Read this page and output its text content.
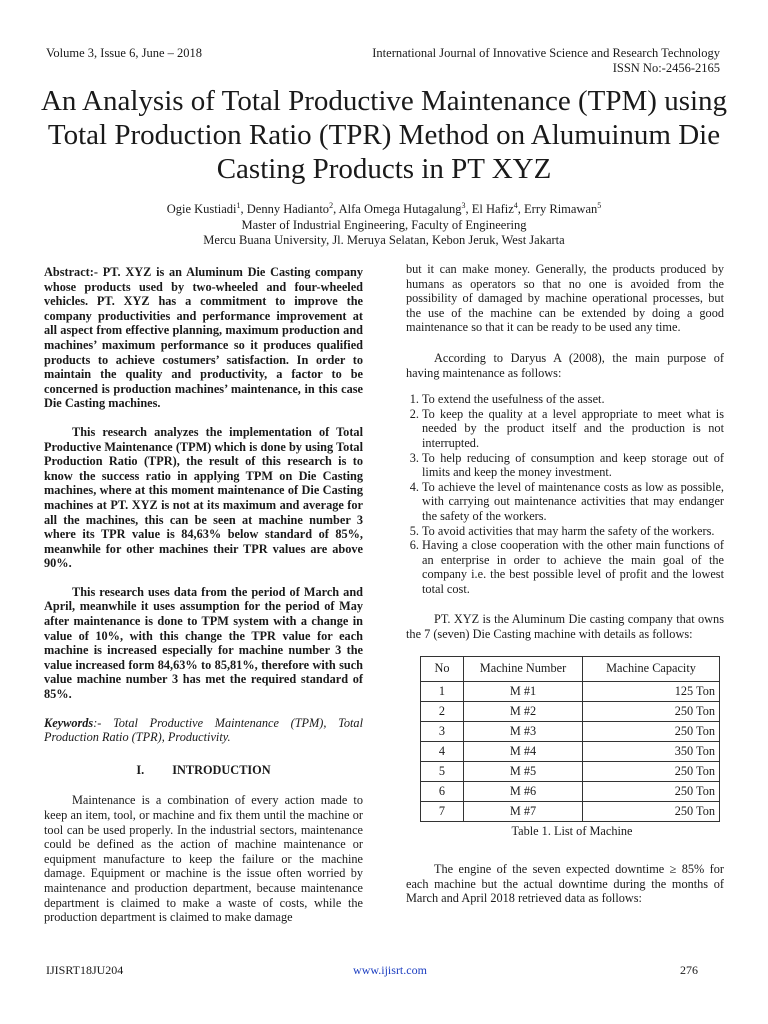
Volume 3, Issue 6, June – 2018	International Journal of Innovative Science and Research Technology
ISSN No:-2456-2165
An Analysis of Total Productive Maintenance (TPM) using Total Production Ratio (TPR) Method on Alumuinum Die Casting Products in PT XYZ
Ogie Kustiadi$^1$, Denny Hadianto$^2$, Alfa Omega Hutagalung$^3$, El Hafiz$^4$, Erry Rimawan$^5$
Master of Industrial Engineering, Faculty of Engineering
Mercu Buana University, Jl. Meruya Selatan, Kebon Jeruk, West Jakarta

Abstract:- PT. XYZ is an Aluminum Die Casting company whose products used by two-wheeled and four-wheeled vehicles. PT. XYZ has a commitment to improve the company productivities and performance improvement at all aspect from effective planning, maximum production and machines’ maximum performance so it produces qualified products to achieve costumers’ satisfaction. In order to maintain the quality and productivity, a factor to be concerned is production machines’ maintenance, in this case Die Casting machines.

This research analyzes the implementation of Total Productive Maintenance (TPM) which is done by using Total Production Ratio (TPR), the result of this research is to know the success ratio in applying TPM on Die Casting machines, where at this moment maintenance of Die Casting machines at PT. XYZ is not at its maximum and average for all the machines, this can be seen at machine number 3 where its TPR value is 84,63% below standard of 85%, meanwhile for other machines their TPR values are above 90%.

This research uses data from the period of March and April, meanwhile it uses assumption for the period of May after maintenance is done to TPM system with a change in value of 10%, with this change the TPR value for each machine is increased especially for machine number 3 the value increased form 84,63% to 85,81%, therefore with such value machine number 3 has met the required standard of 85%.

Keywords:- Total Productive Maintenance (TPM), Total Production Ratio (TPR), Productivity.

I. INTRODUCTION

Maintenance is a combination of every action made to keep an item, tool, or machine and fix them until the machine or tool can be used properly. In the industrial sectors, maintenance could be defined as the action of machine maintenance or equipment manufacture to keep the failure or the machine damage. Equipment or machine is the issue often worried by maintenance and production department, because maintenance department is claimed to make a waste of costs, while the production department is claimed to make damage

but it can make money. Generally, the products produced by humans as operators so that no one is avoided from the possibility of damaged by machine operational processes, but the use of the machine can be extended by doing a good maintenance so that it can be ready to be used any time.

According to Daryus A (2008), the main purpose of having maintenance as follows:

1. To extend the usefulness of the asset.
2. To keep the quality at a level appropriate to meet what is needed by the product itself and the production is not interrupted.
3. To help reducing of consumption and keep storage out of limits and keep the money investment.
4. To achieve the level of maintenance costs as low as possible, with carrying out maintenance activities that may endanger the safety of the workers.
5. To avoid activities that may harm the safety of the workers.
6. Having a close cooperation with the other main functions of an enterprise in order to achieve the main goal of the company i.e. the best possible level of profit and the lowest total cost.

PT. XYZ is the Aluminum Die casting company that owns the 7 (seven) Die Casting machine with details as follows:

No	Machine Number	Machine Capacity
1	M #1	125 Ton
2	M #2	250 Ton
3	M #3	250 Ton
4	M #4	350 Ton
5	M #5	250 Ton
6	M #6	250 Ton
7	M #7	250 Ton
Table 1. List of Machine

The engine of the seven expected downtime ≥ 85% for each machine but the actual downtime during the months of March and April 2018 retrieved data as follows:

IJISRT18JU204	www.ijisrt.com	276
